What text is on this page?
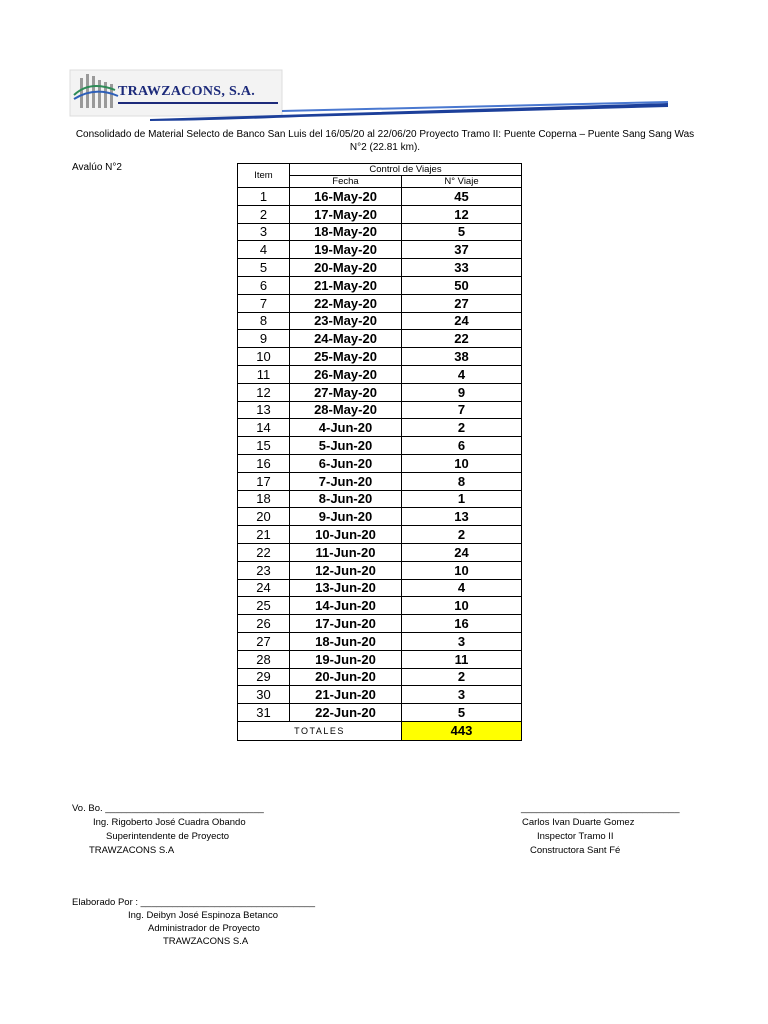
TRAWZACONS, S.A.
Consolidado de Material Selecto de Banco San Luis del 16/05/20 al 22/06/20 Proyecto Tramo II: Puente Coperna – Puente Sang Sang Was
N°2 (22.81 km).
Avalúo N°2
Item	Control de Viajes	
	Fecha	N° Viaje
1	16-May-20	45
2	17-May-20	12
3	18-May-20	5
4	19-May-20	37
5	20-May-20	33
6	21-May-20	50
7	22-May-20	27
8	23-May-20	24
9	24-May-20	22
10	25-May-20	38
11	26-May-20	4
12	27-May-20	9
13	28-May-20	7
14	4-Jun-20	2
15	5-Jun-20	6
16	6-Jun-20	10
17	7-Jun-20	8
18	8-Jun-20	1
20	9-Jun-20	13
21	10-Jun-20	2
22	11-Jun-20	24
23	12-Jun-20	10
24	13-Jun-20	4
25	14-Jun-20	10
26	17-Jun-20	16
27	18-Jun-20	3
28	19-Jun-20	11
29	20-Jun-20	2
30	21-Jun-20	3
31	22-Jun-20	5
TOTALES		443
Vo. Bo. ______________________________
Ing. Rigoberto José Cuadra Obando
Superintendente de Proyecto
TRAWZACONS S.A
______________________________
Carlos Ivan Duarte Gomez
Inspector Tramo II
Constructora Sant Fé
Elaborado Por : _________________________________
Ing. Deibyn José Espinoza Betanco
Administrador de Proyecto
TRAWZACONS S.A
